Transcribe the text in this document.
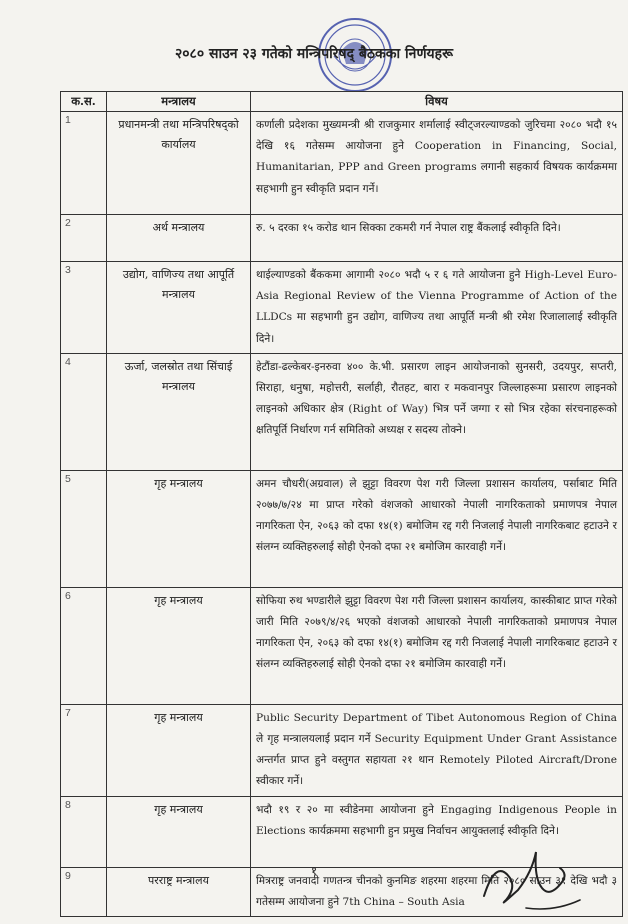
२०८० साउन २३ गतेको मन्त्रिपरिषद् बैठकका निर्णयहरू
क.स.	मन्त्रालय	विषय
1	प्रधानमन्त्री तथा मन्त्रिपरिषद्को कार्यालय	कर्णाली प्रदेशका मुख्यमन्त्री श्री राजकुमार शर्मालाई स्वीट्जरल्याण्डको जुरिचमा २०८० भदौ १५ देखि १६ गतेसम्म आयोजना हुने Cooperation in Financing, Social, Humanitarian, PPP and Green programs लगानी सहकार्य विषयक कार्यक्रममा सहभागी हुन स्वीकृति प्रदान गर्ने।
2	अर्थ मन्त्रालय	रु. ५ दरका १५ करोड थान सिक्का टकमरी गर्न नेपाल राष्ट्र बैंकलाई स्वीकृति दिने।
3	उद्योग, वाणिज्य तथा आपूर्ति मन्त्रालय	थाईल्याण्डको बैंककमा आगामी २०८० भदौ ५ र ६ गते आयोजना हुने High-Level Euro-Asia Regional Review of the Vienna Programme of Action of the LLDCs मा सहभागी हुन उद्योग, वाणिज्य तथा आपूर्ति मन्त्री श्री रमेश रिजालालाई स्वीकृति दिने।
4	ऊर्जा, जलस्रोत तथा सिंचाई मन्त्रालय	हेटौंडा-ढल्केबर-इनरुवा ४०० के.भी. प्रसारण लाइन आयोजनाको सुनसरी, उदयपुर, सप्तरी, सिराहा, धनुषा, महोत्तरी, सर्लाही, रौतहट, बारा र मकवानपुर जिल्लाहरूमा प्रसारण लाइनको लाइनको अधिकार क्षेत्र (Right of Way) भित्र पर्ने जग्गा र सो भित्र रहेका संरचनाहरूको क्षतिपूर्ति निर्धारण गर्न समितिको अध्यक्ष र सदस्य तोक्ने।
5	गृह मन्त्रालय	अमन चौधरी(अग्रवाल) ले झुट्टा विवरण पेश गरी जिल्ला प्रशासन कार्यालय, पर्साबाट मिति २०७७/७/२४ मा प्राप्त गरेको वंशजको आधारको नेपाली नागरिकताको प्रमाणपत्र नेपाल नागरिकता ऐन, २०६३ को दफा १४(१) बमोजिम रद्द गरी निजलाई नेपाली नागरिकबाट हटाउने र संलग्न व्यक्तिहरुलाई सोही ऐनको दफा २१ बमोजिम कारवाही गर्ने।
6	गृह मन्त्रालय	सोफिया रुथ भण्डारीले झुट्टा विवरण पेश गरी जिल्ला प्रशासन कार्यालय, कास्कीबाट प्राप्त गरेको जारी मिति २०७९/४/२६ भएको वंशजको आधारको नेपाली नागरिकताको प्रमाणपत्र नेपाल नागरिकता ऐन, २०६३ को दफा १४(१) बमोजिम रद्द गरी निजलाई नेपाली नागरिकबाट हटाउने र संलग्न व्यक्तिहरुलाई सोही ऐनको दफा २१ बमोजिम कारवाही गर्ने।
7	गृह मन्त्रालय	Public Security Department of Tibet Autonomous Region of China ले गृह मन्त्रालयलाई प्रदान गर्ने Security Equipment Under Grant Assistance अन्तर्गत प्राप्त हुने वस्तुगत सहायता २१ थान Remotely Piloted Aircraft/Drone स्वीकार गर्ने।
8	गृह मन्त्रालय	भदौ १९ र २० मा स्वीडेनमा आयोजना हुने Engaging Indigenous People in Elections कार्यक्रममा सहभागी हुन प्रमुख निर्वाचन आयुक्तलाई स्वीकृति दिने।
9	परराष्ट्र मन्त्रालय	मित्रराष्ट्र जनवादी गणतन्त्र चीनको कुनमिङ शहरमा शहरमा मिति २०८० साउन ३१ देखि भदौ ३ गतेसम्म आयोजना हुने 7th China – South Asia
१
